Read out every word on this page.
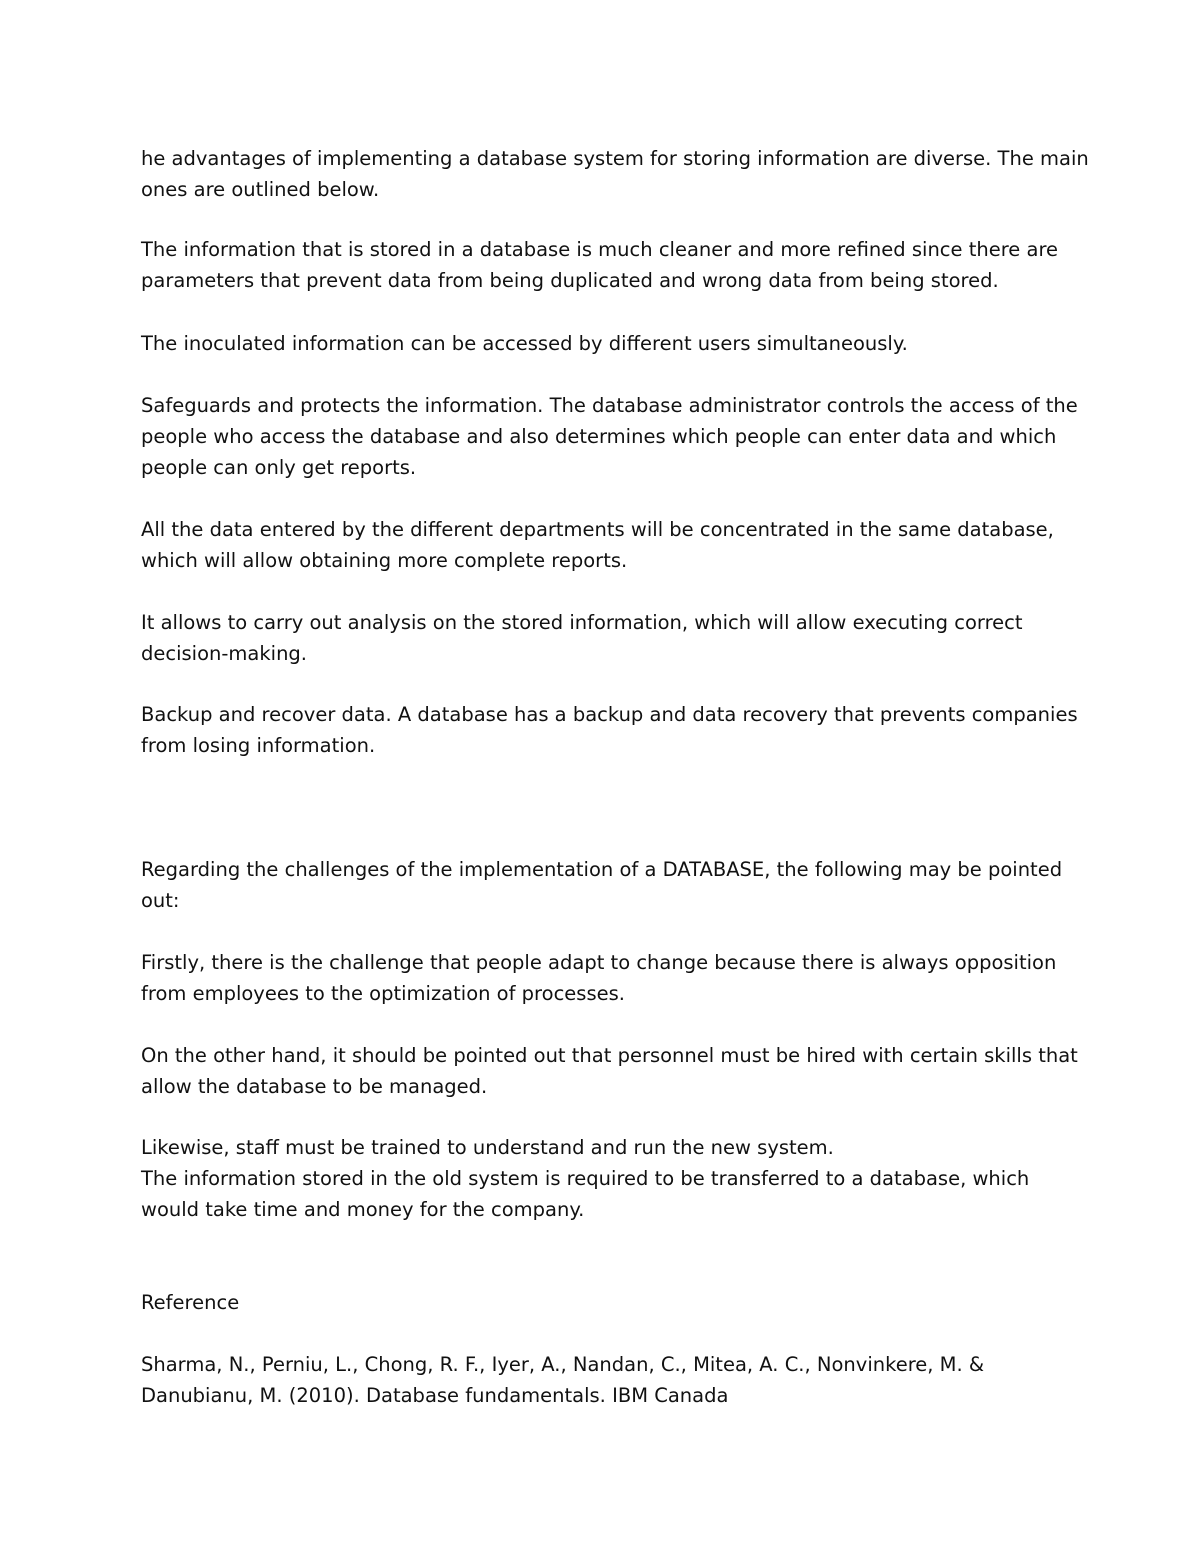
he advantages of implementing a database system for storing information are diverse. The main
ones are outlined below.

The information that is stored in a database is much cleaner and more refined since there are
parameters that prevent data from being duplicated and wrong data from being stored.

The inoculated information can be accessed by different users simultaneously.

Safeguards and protects the information. The database administrator controls the access of the
people who access the database and also determines which people can enter data and which
people can only get reports.

All the data entered by the different departments will be concentrated in the same database,
which will allow obtaining more complete reports.

It allows to carry out analysis on the stored information, which will allow executing correct
decision-making.

Backup and recover data. A database has a backup and data recovery that prevents companies
from losing information.

Regarding the challenges of the implementation of a DATABASE, the following may be pointed
out:

Firstly, there is the challenge that people adapt to change because there is always opposition
from employees to the optimization of processes.

On the other hand, it should be pointed out that personnel must be hired with certain skills that
allow the database to be managed.

Likewise, staff must be trained to understand and run the new system.
The information stored in the old system is required to be transferred to a database, which
would take time and money for the company.

Reference

Sharma, N., Perniu, L., Chong, R. F., Iyer, A., Nandan, C., Mitea, A. C., Nonvinkere, M. &
Danubianu, M. (2010). Database fundamentals. IBM Canada
